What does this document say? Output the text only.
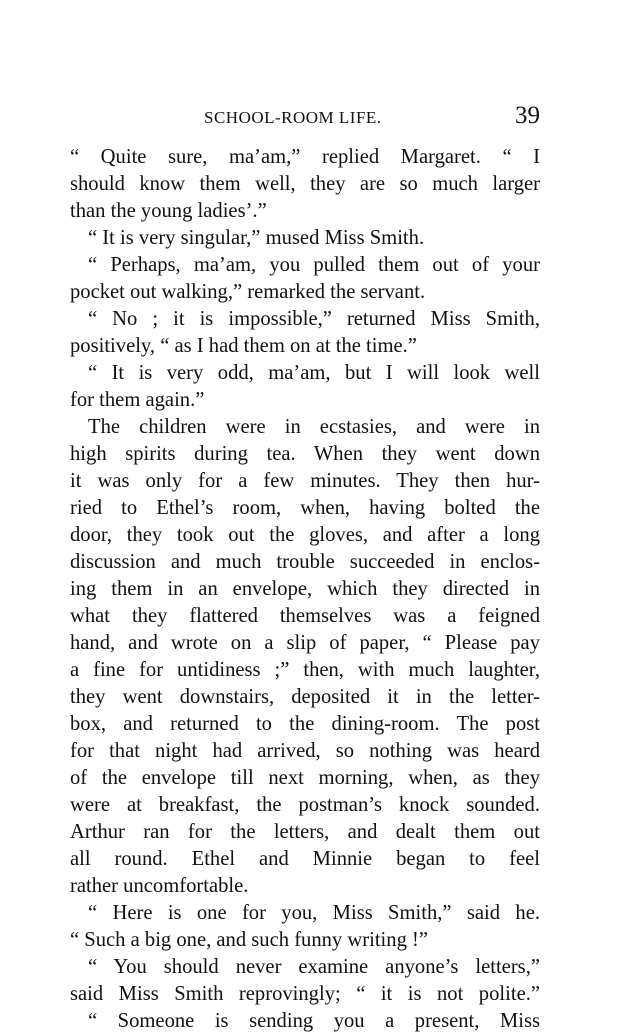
SCHOOL-ROOM LIFE.	39
“ Quite sure, ma’am,” replied Margaret. “ I
should know them well, they are so much larger
than the young ladies’.”
“ It is very singular,” mused Miss Smith.
“ Perhaps, ma’am, you pulled them out of your
pocket out walking,” remarked the servant.
“ No ; it is impossible,” returned Miss Smith,
positively, “ as I had them on at the time.”
“ It is very odd, ma’am, but I will look well
for them again.”
The children were in ecstasies, and were in
high spirits during tea. When they went down
it was only for a few minutes. They then hur-
ried to Ethel’s room, when, having bolted the
door, they took out the gloves, and after a long
discussion and much trouble succeeded in enclos-
ing them in an envelope, which they directed in
what they flattered themselves was a feigned
hand, and wrote on a slip of paper, “ Please pay
a fine for untidiness ;” then, with much laughter,
they went downstairs, deposited it in the letter-
box, and returned to the dining-room. The post
for that night had arrived, so nothing was heard
of the envelope till next morning, when, as they
were at breakfast, the postman’s knock sounded.
Arthur ran for the letters, and dealt them out
all round. Ethel and Minnie began to feel
rather uncomfortable.
“ Here is one for you, Miss Smith,” said he.
“ Such a big one, and such funny writing !”
“ You should never examine anyone’s letters,”
said Miss Smith reprovingly; “ it is not polite.”
“ Someone is sending you a present, Miss
